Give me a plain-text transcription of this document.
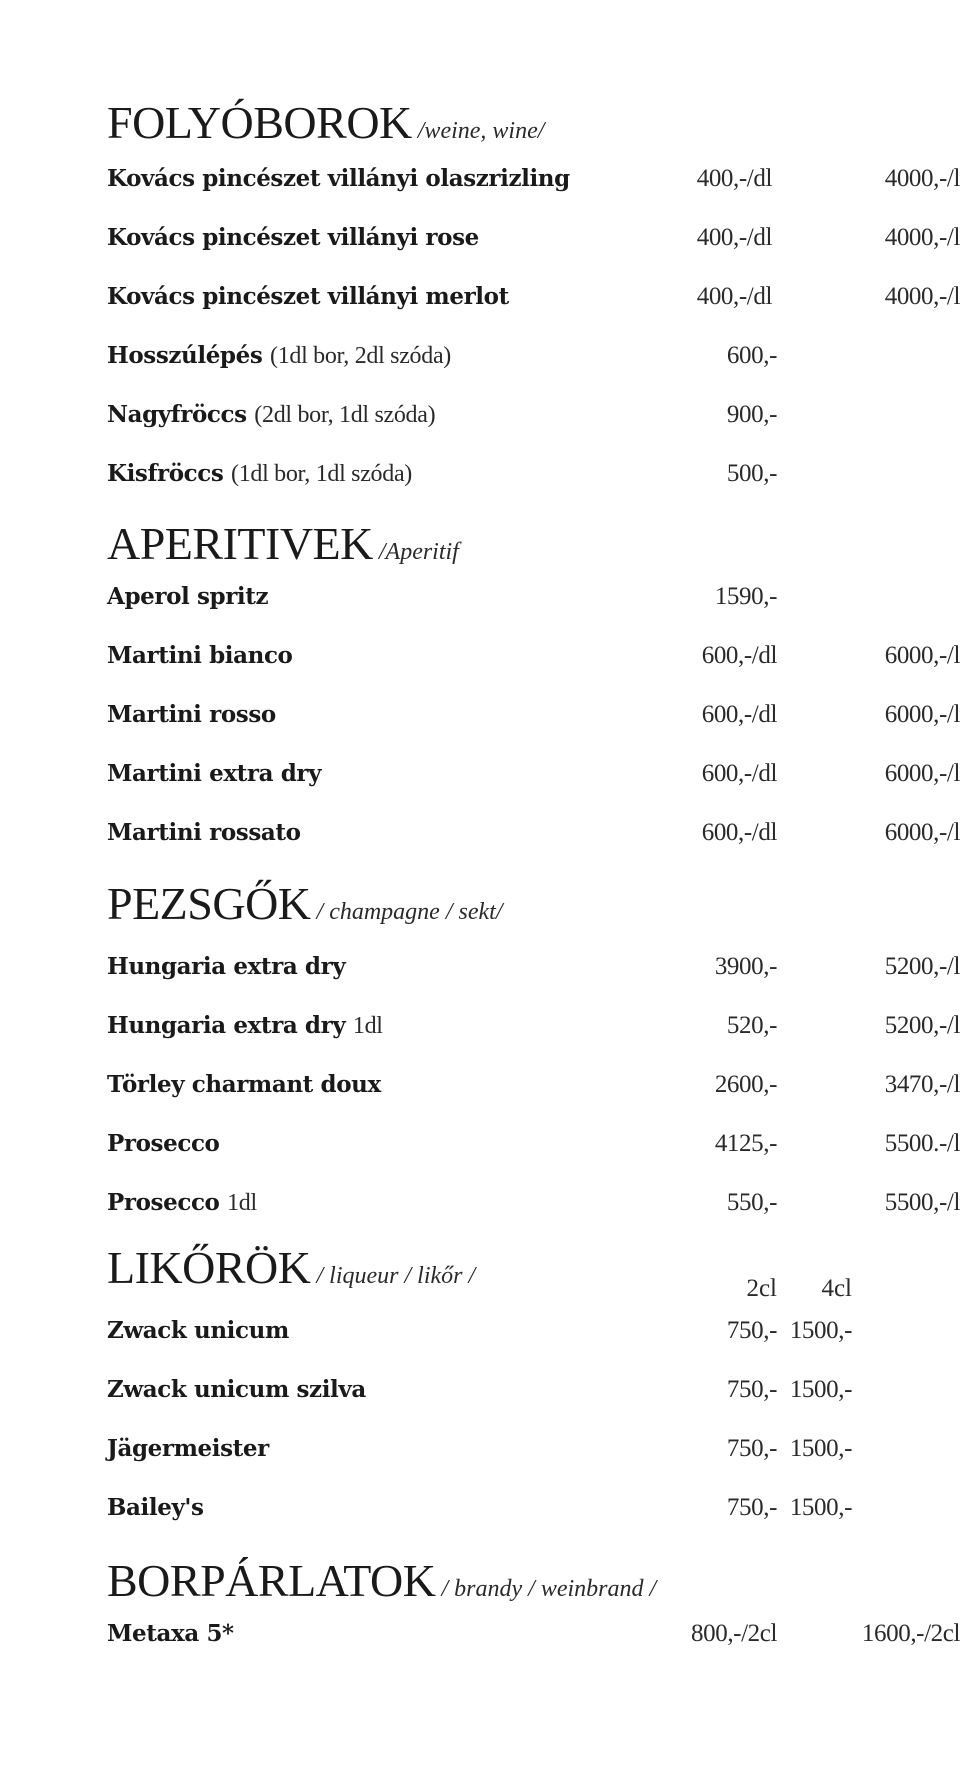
FOLYÓBOROK /weine, wine/
Kovács pincészet villányi olaszrizling	400,-/dl	4000,-/l
Kovács pincészet villányi rose	400,-/dl	4000,-/l
Kovács pincészet villányi merlot	400,-/dl	4000,-/l
Hosszúlépés (1dl bor, 2dl szóda)	600,-
Nagyfröccs (2dl bor, 1dl szóda)	900,-
Kisfröccs (1dl bor, 1dl szóda)	500,-
APERITIVEK /Aperitif
Aperol spritz	1590,-
Martini bianco	600,-/dl	6000,-/l
Martini rosso	600,-/dl	6000,-/l
Martini extra dry	600,-/dl	6000,-/l
Martini rossato	600,-/dl	6000,-/l
PEZSGŐK / champagne / sekt/
Hungaria extra dry	3900,-	5200,-/l
Hungaria extra dry 1dl	520,-	5200,-/l
Törley charmant doux	2600,-	3470,-/l
Prosecco	4125,-	5500.-/l
Prosecco 1dl	550,-	5500,-/l
LIKŐRÖK / liqueur / likőr /	2cl	4cl
Zwack unicum	750,- 1500,-
Zwack unicum szilva	750,- 1500,-
Jägermeister	750,- 1500,-
Bailey's	750,- 1500,-
BORPÁRLATOK / brandy / weinbrand /
Metaxa 5*	800,-/2cl	1600,-/2cl
